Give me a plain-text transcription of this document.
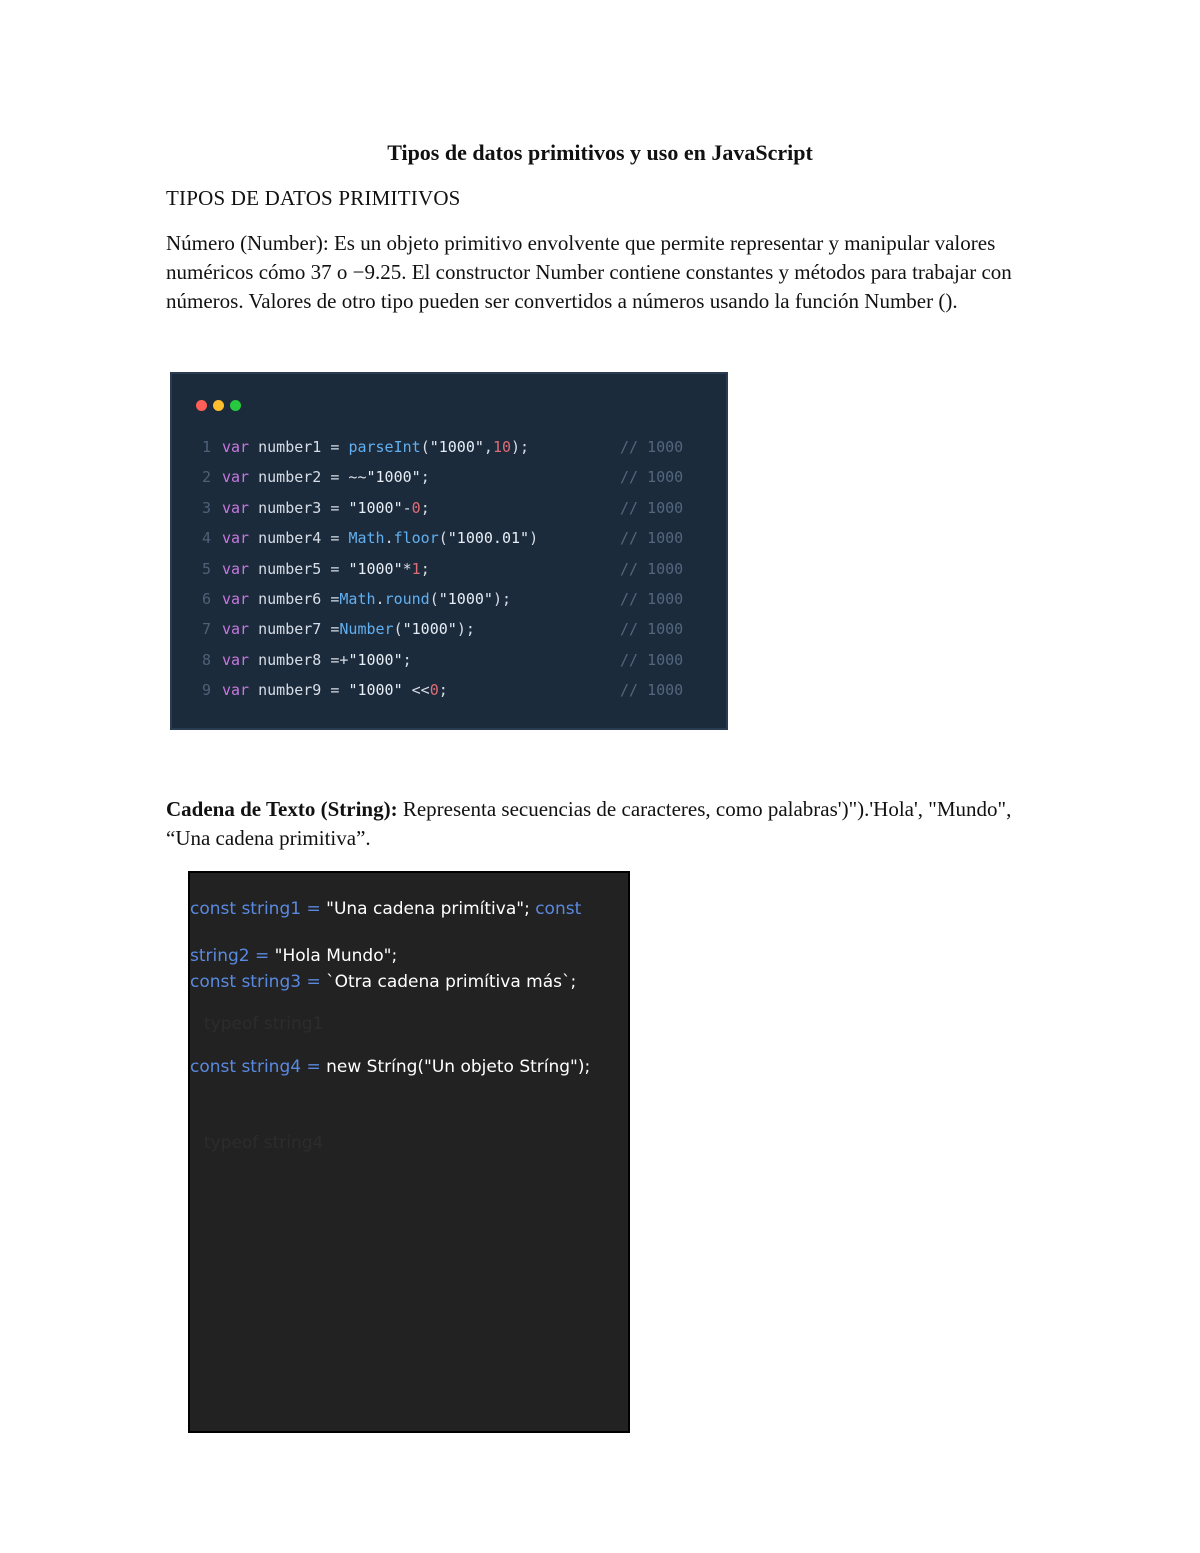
Tipos de datos primitivos y uso en JavaScript
TIPOS DE DATOS PRIMITIVOS

Número (Number): Es un objeto primitivo envolvente que permite representar y manipular valores numéricos cómo 37 o −9.25. El constructor Number contiene constantes y métodos para trabajar con números. Valores de otro tipo pueden ser convertidos a números usando la función Number ().

1 var number1 = parseInt("1000",10);	// 1000
2 var number2 = ~~"1000";	// 1000
3 var number3 = "1000"-0;	// 1000
4 var number4 = Math.floor("1000.01")	// 1000
5 var number5 = "1000"*1;	// 1000
6 var number6 =Math.round("1000");	// 1000
7 var number7 =Number("1000");	// 1000
8 var number8 =+"1000";	// 1000
9 var number9 = "1000" <<0;	// 1000

Cadena de Texto (String): Representa secuencias de caracteres, como palabras')").'Hola', "Mundo", “Una cadena primitiva”.

const string1 = "Una cadena primítiva"; const
string2 = "Hola Mundo";
const string3 = `Otra cadena primítiva más`;
typeof string1
const string4 = new Stríng("Un objeto Stríng");
typeof string4
